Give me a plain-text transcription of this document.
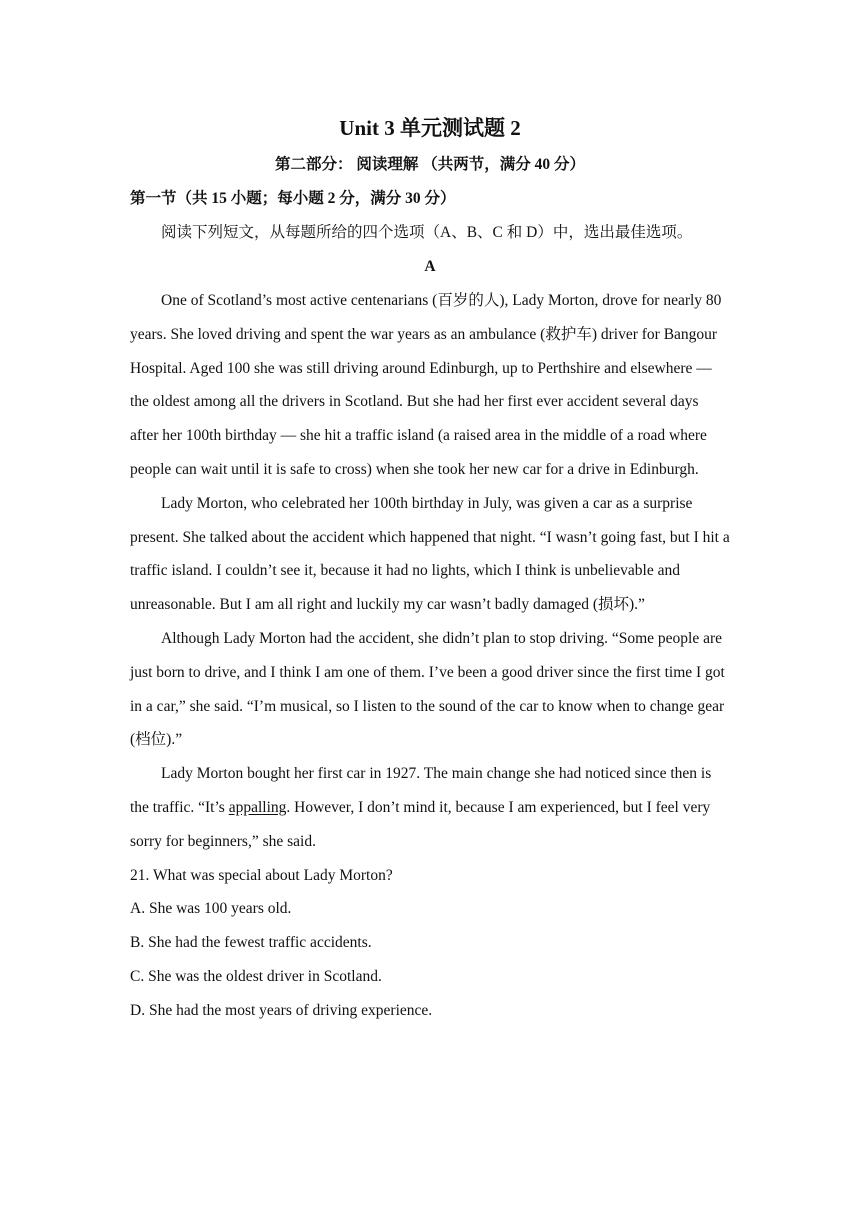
Unit 3 单元测试题 2

第二部分： 阅读理解 （共两节，满分 40 分）

第一节（共 15 小题；每小题 2 分，满分 30 分）

阅读下列短文，从每题所给的四个选项（A、B、C 和 D）中，选出最佳选项。

A

One of Scotland’s most active centenarians (百岁的人), Lady Morton, drove for nearly 80 years. She loved driving and spent the war years as an ambulance (救护车) driver for Bangour Hospital. Aged 100 she was still driving around Edinburgh, up to Perthshire and elsewhere — the oldest among all the drivers in Scotland. But she had her first ever accident several days after her 100th birthday — she hit a traffic island (a raised area in the middle of a road where people can wait until it is safe to cross) when she took her new car for a drive in Edinburgh.

Lady Morton, who celebrated her 100th birthday in July, was given a car as a surprise present. She talked about the accident which happened that night. “I wasn’t going fast, but I hit a traffic island. I couldn’t see it, because it had no lights, which I think is unbelievable and unreasonable. But I am all right and luckily my car wasn’t badly damaged (损坏).”

Although Lady Morton had the accident, she didn’t plan to stop driving. “Some people are just born to drive, and I think I am one of them. I’ve been a good driver since the first time I got in a car,” she said. “I’m musical, so I listen to the sound of the car to know when to change gear (档位).”

Lady Morton bought her first car in 1927. The main change she had noticed since then is the traffic. “It’s appalling. However, I don’t mind it, because I am experienced, but I feel very sorry for beginners,” she said.

21. What was special about Lady Morton?

A. She was 100 years old.

B. She had the fewest traffic accidents.

C. She was the oldest driver in Scotland.

D. She had the most years of driving experience.
